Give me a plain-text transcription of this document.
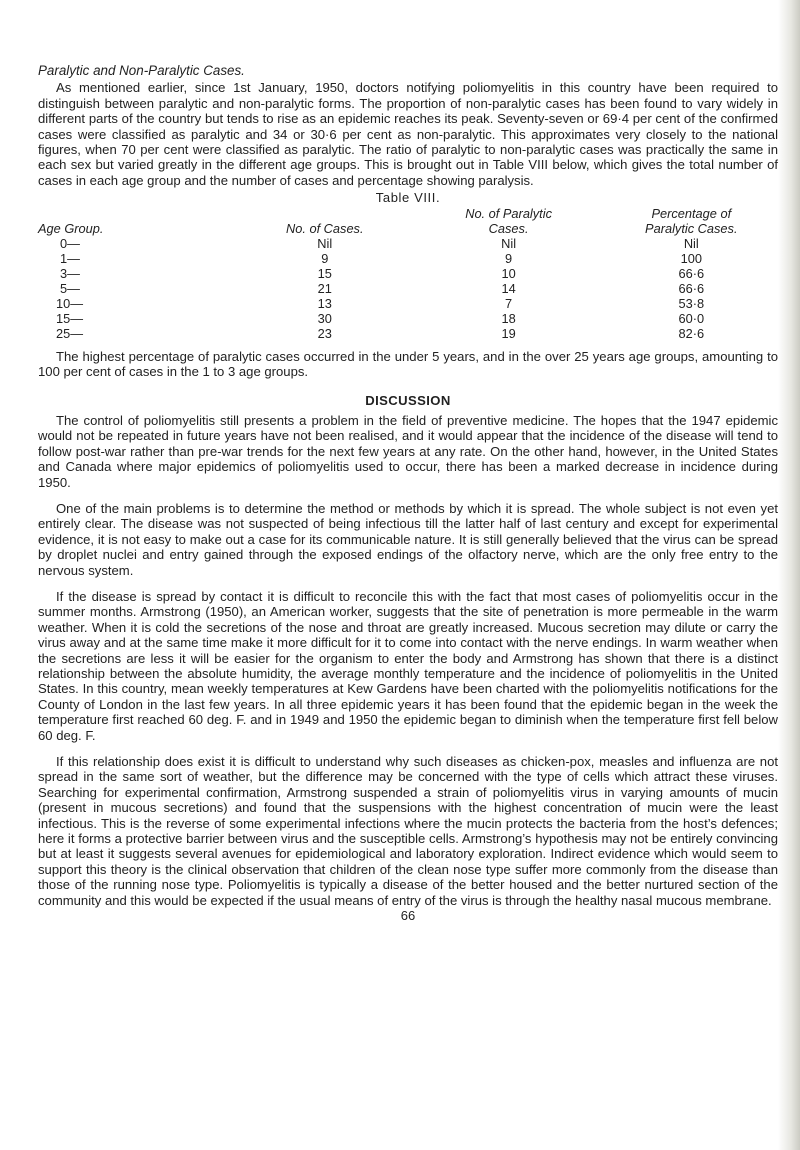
Paralytic and Non-Paralytic Cases.

As mentioned earlier, since 1st January, 1950, doctors notifying poliomyelitis in this country have been required to distinguish between paralytic and non-paralytic forms. The proportion of non-paralytic cases has been found to vary widely in different parts of the country but tends to rise as an epidemic reaches its peak. Seventy-seven or 69·4 per cent of the confirmed cases were classified as paralytic and 34 or 30·6 per cent as non-paralytic. This approximates very closely to the national figures, when 70 per cent were classified as paralytic. The ratio of paralytic to non-paralytic cases was practically the same in each sex but varied greatly in the different age groups. This is brought out in Table VIII below, which gives the total number of cases in each age group and the number of cases and percentage showing paralysis.

Table VIII.
		No. of Paralytic	Percentage of
Age Group.	No. of Cases.	Cases.	Paralytic Cases.
0—	Nil	Nil	Nil
1—	9	9	100
3—	15	10	66·6
5—	21	14	66·6
10—	13	7	53·8
15—	30	18	60·0
25—	23	19	82·6

The highest percentage of paralytic cases occurred in the under 5 years, and in the over 25 years age groups, amounting to 100 per cent of cases in the 1 to 3 age groups.

DISCUSSION

The control of poliomyelitis still presents a problem in the field of preventive medicine. The hopes that the 1947 epidemic would not be repeated in future years have not been realised, and it would appear that the incidence of the disease will tend to follow post-war rather than pre-war trends for the next few years at any rate. On the other hand, however, in the United States and Canada where major epidemics of poliomyelitis used to occur, there has been a marked decrease in incidence during 1950.

One of the main problems is to determine the method or methods by which it is spread. The whole subject is not even yet entirely clear. The disease was not suspected of being infectious till the latter half of last century and except for experimental evidence, it is not easy to make out a case for its communicable nature. It is still generally believed that the virus can be spread by droplet nuclei and entry gained through the exposed endings of the olfactory nerve, which are the only free entry to the nervous system.

If the disease is spread by contact it is difficult to reconcile this with the fact that most cases of poliomyelitis occur in the summer months. Armstrong (1950), an American worker, suggests that the site of penetration is more permeable in the warm weather. When it is cold the secretions of the nose and throat are greatly increased. Mucous secretion may dilute or carry the virus away and at the same time make it more difficult for it to come into contact with the nerve endings. In warm weather when the secretions are less it will be easier for the organism to enter the body and Armstrong has shown that there is a distinct relationship between the absolute humidity, the average monthly temperature and the incidence of poliomyelitis in the United States. In this country, mean weekly temperatures at Kew Gardens have been charted with the poliomyelitis notifications for the County of London in the last few years. In all three epidemic years it has been found that the epidemic began in the week the temperature first reached 60 deg. F. and in 1949 and 1950 the epidemic began to diminish when the temperature first fell below 60 deg. F.

If this relationship does exist it is difficult to understand why such diseases as chicken-pox, measles and influenza are not spread in the same sort of weather, but the difference may be concerned with the type of cells which attract these viruses. Searching for experimental confirmation, Armstrong suspended a strain of poliomyelitis virus in varying amounts of mucin (present in mucous secretions) and found that the suspensions with the highest concentration of mucin were the least infectious. This is the reverse of some experimental infections where the mucin protects the bacteria from the host’s defences; here it forms a protective barrier between virus and the susceptible cells. Armstrong’s hypothesis may not be entirely convincing but at least it suggests several avenues for epidemiological and laboratory exploration. Indirect evidence which would seem to support this theory is the clinical observation that children of the clean nose type suffer more commonly from the disease than those of the running nose type. Poliomyelitis is typically a disease of the better housed and the better nurtured section of the community and this would be expected if the usual means of entry of the virus is through the healthy nasal mucous membrane.

66
